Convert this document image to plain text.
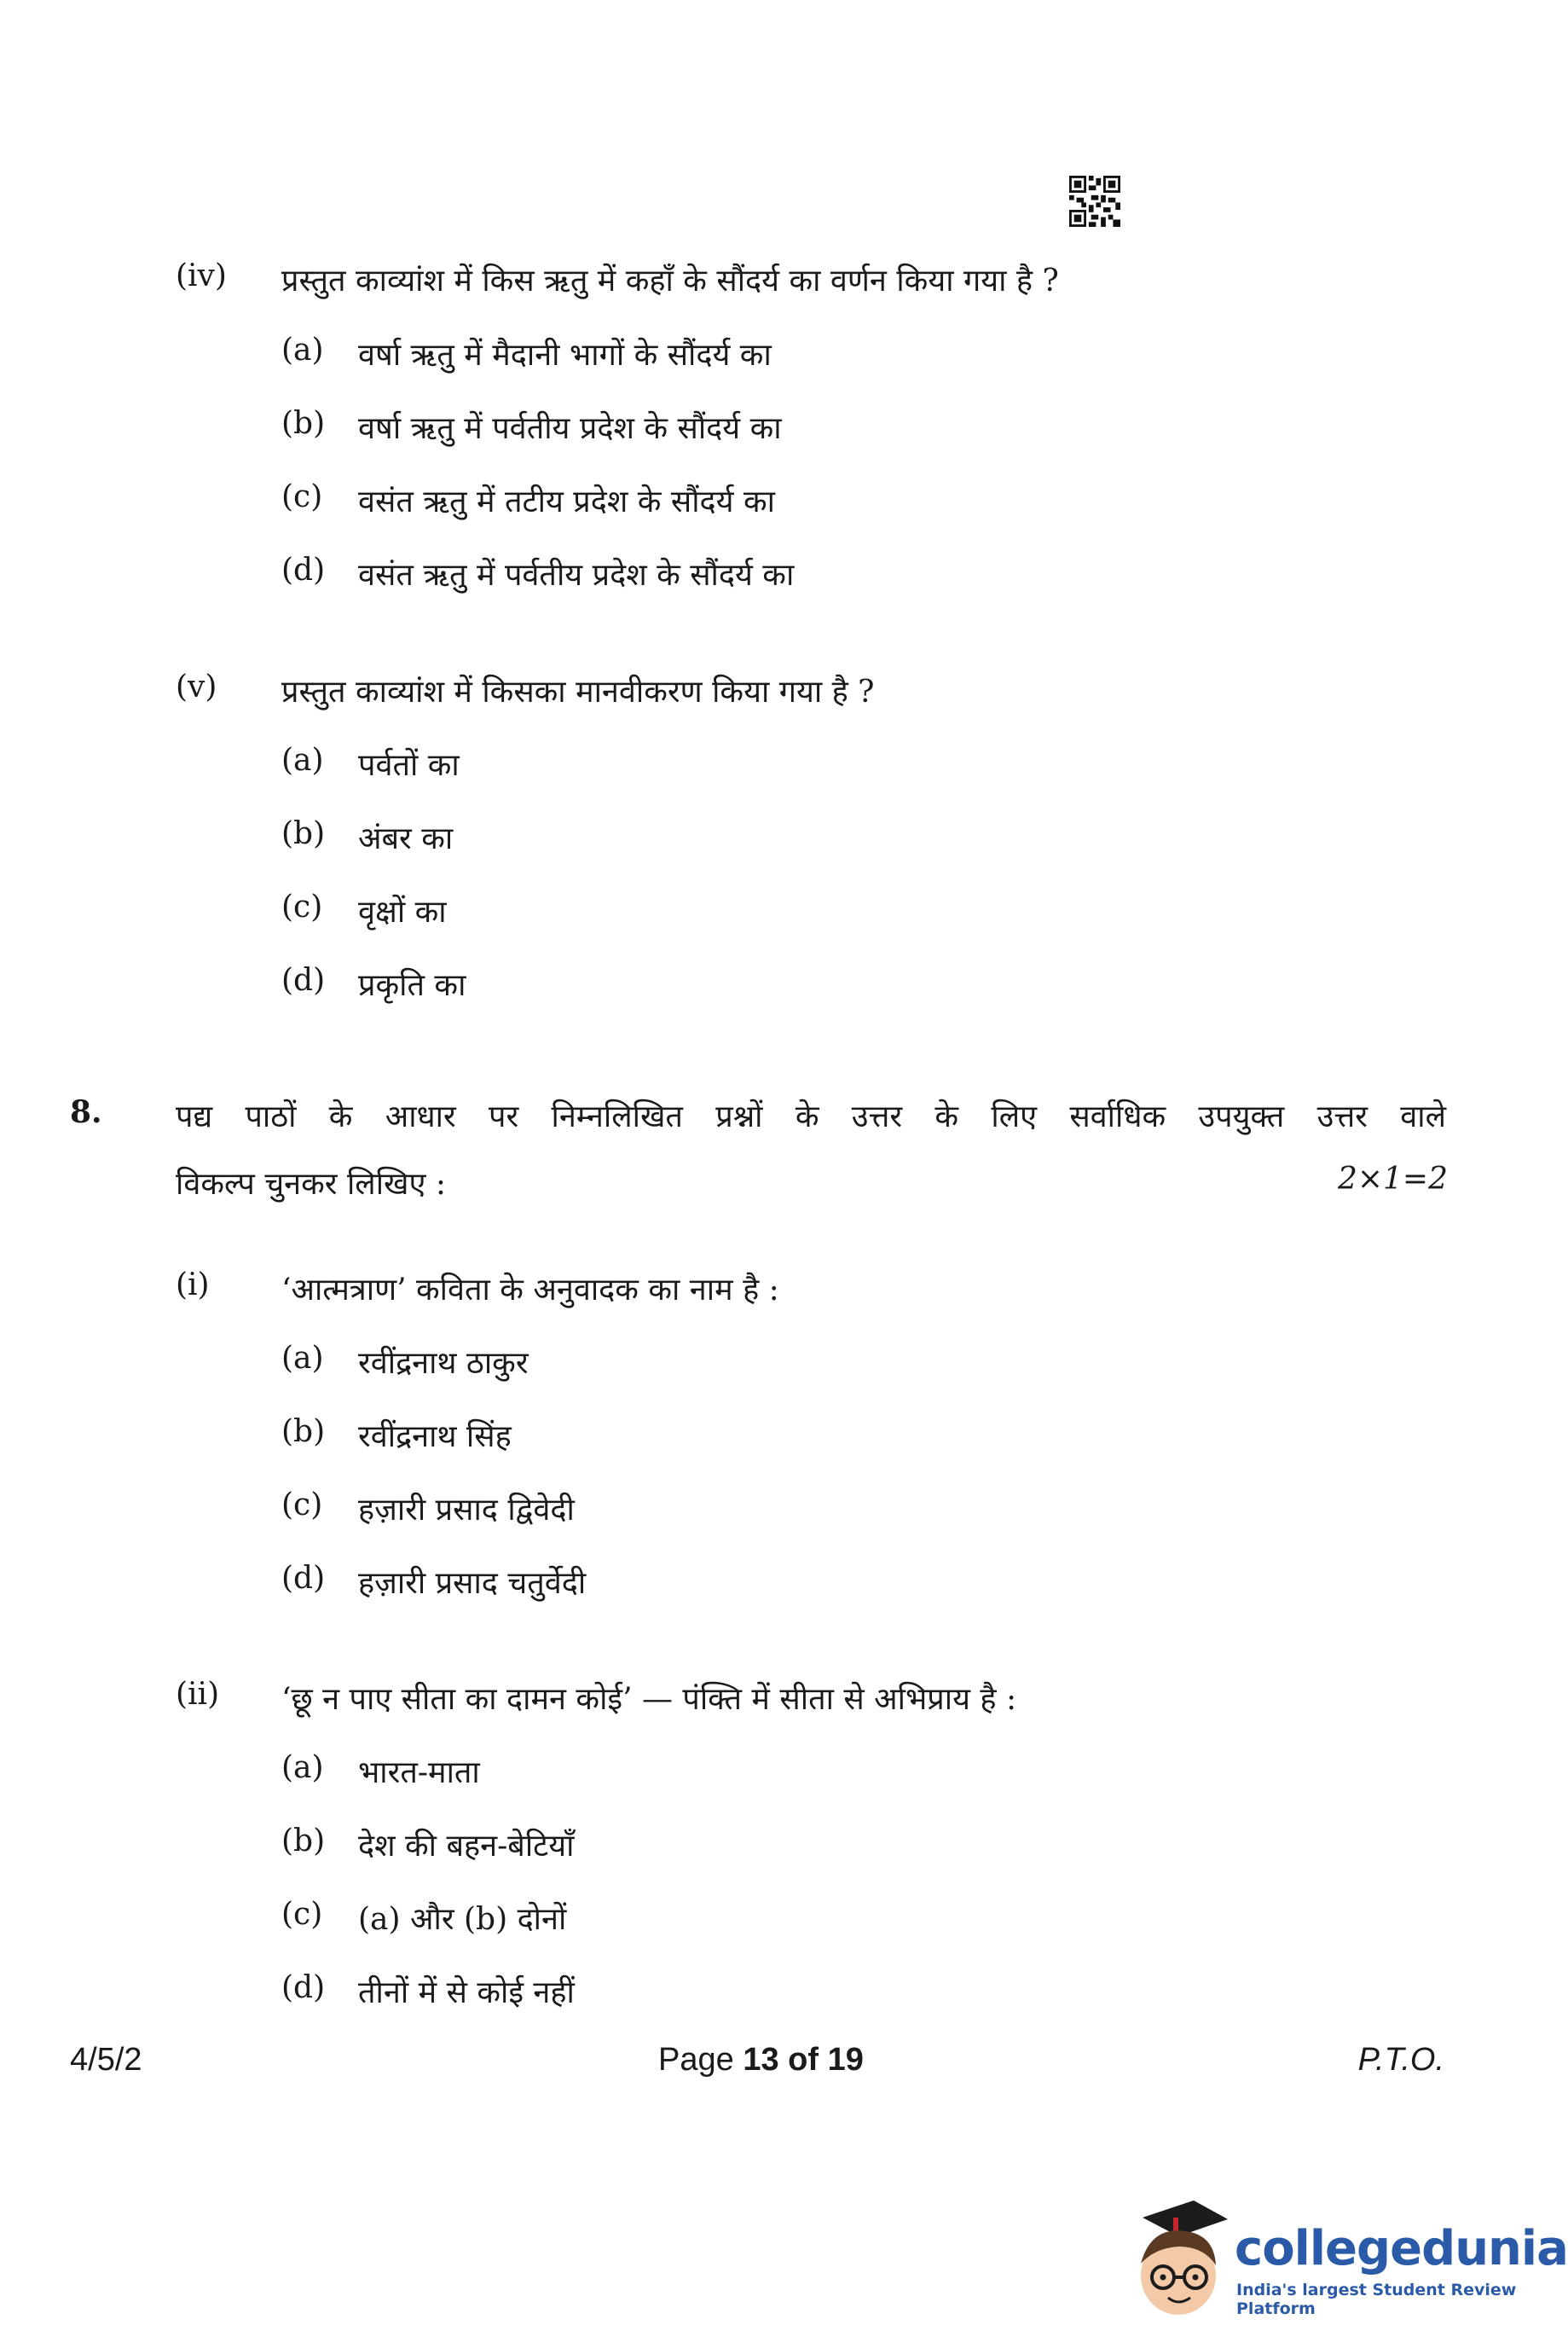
(iv) प्रस्तुत काव्यांश में किस ऋतु में कहाँ के सौंदर्य का वर्णन किया गया है ?
(a) वर्षा ऋतु में मैदानी भागों के सौंदर्य का
(b) वर्षा ऋतु में पर्वतीय प्रदेश के सौंदर्य का
(c) वसंत ऋतु में तटीय प्रदेश के सौंदर्य का
(d) वसंत ऋतु में पर्वतीय प्रदेश के सौंदर्य का
(v) प्रस्तुत काव्यांश में किसका मानवीकरण किया गया है ?
(a) पर्वतों का
(b) अंबर का
(c) वृक्षों का
(d) प्रकृति का
8. पद्य पाठों के आधार पर निम्नलिखित प्रश्नों के उत्तर के लिए सर्वाधिक उपयुक्त उत्तर वाले
विकल्प चुनकर लिखिए :	2×1=2
(i) ‘आत्मत्राण’ कविता के अनुवादक का नाम है :
(a) रवींद्रनाथ ठाकुर
(b) रवींद्रनाथ सिंह
(c) हज़ारी प्रसाद द्विवेदी
(d) हज़ारी प्रसाद चतुर्वेदी
(ii) ‘छू न पाए सीता का दामन कोई’ — पंक्ति में सीता से अभिप्राय है :
(a) भारत-माता
(b) देश की बहन-बेटियाँ
(c) (a) और (b) दोनों
(d) तीनों में से कोई नहीं
4/5/2	Page 13 of 19	P.T.O.
collegedunia
India's largest Student Review Platform
